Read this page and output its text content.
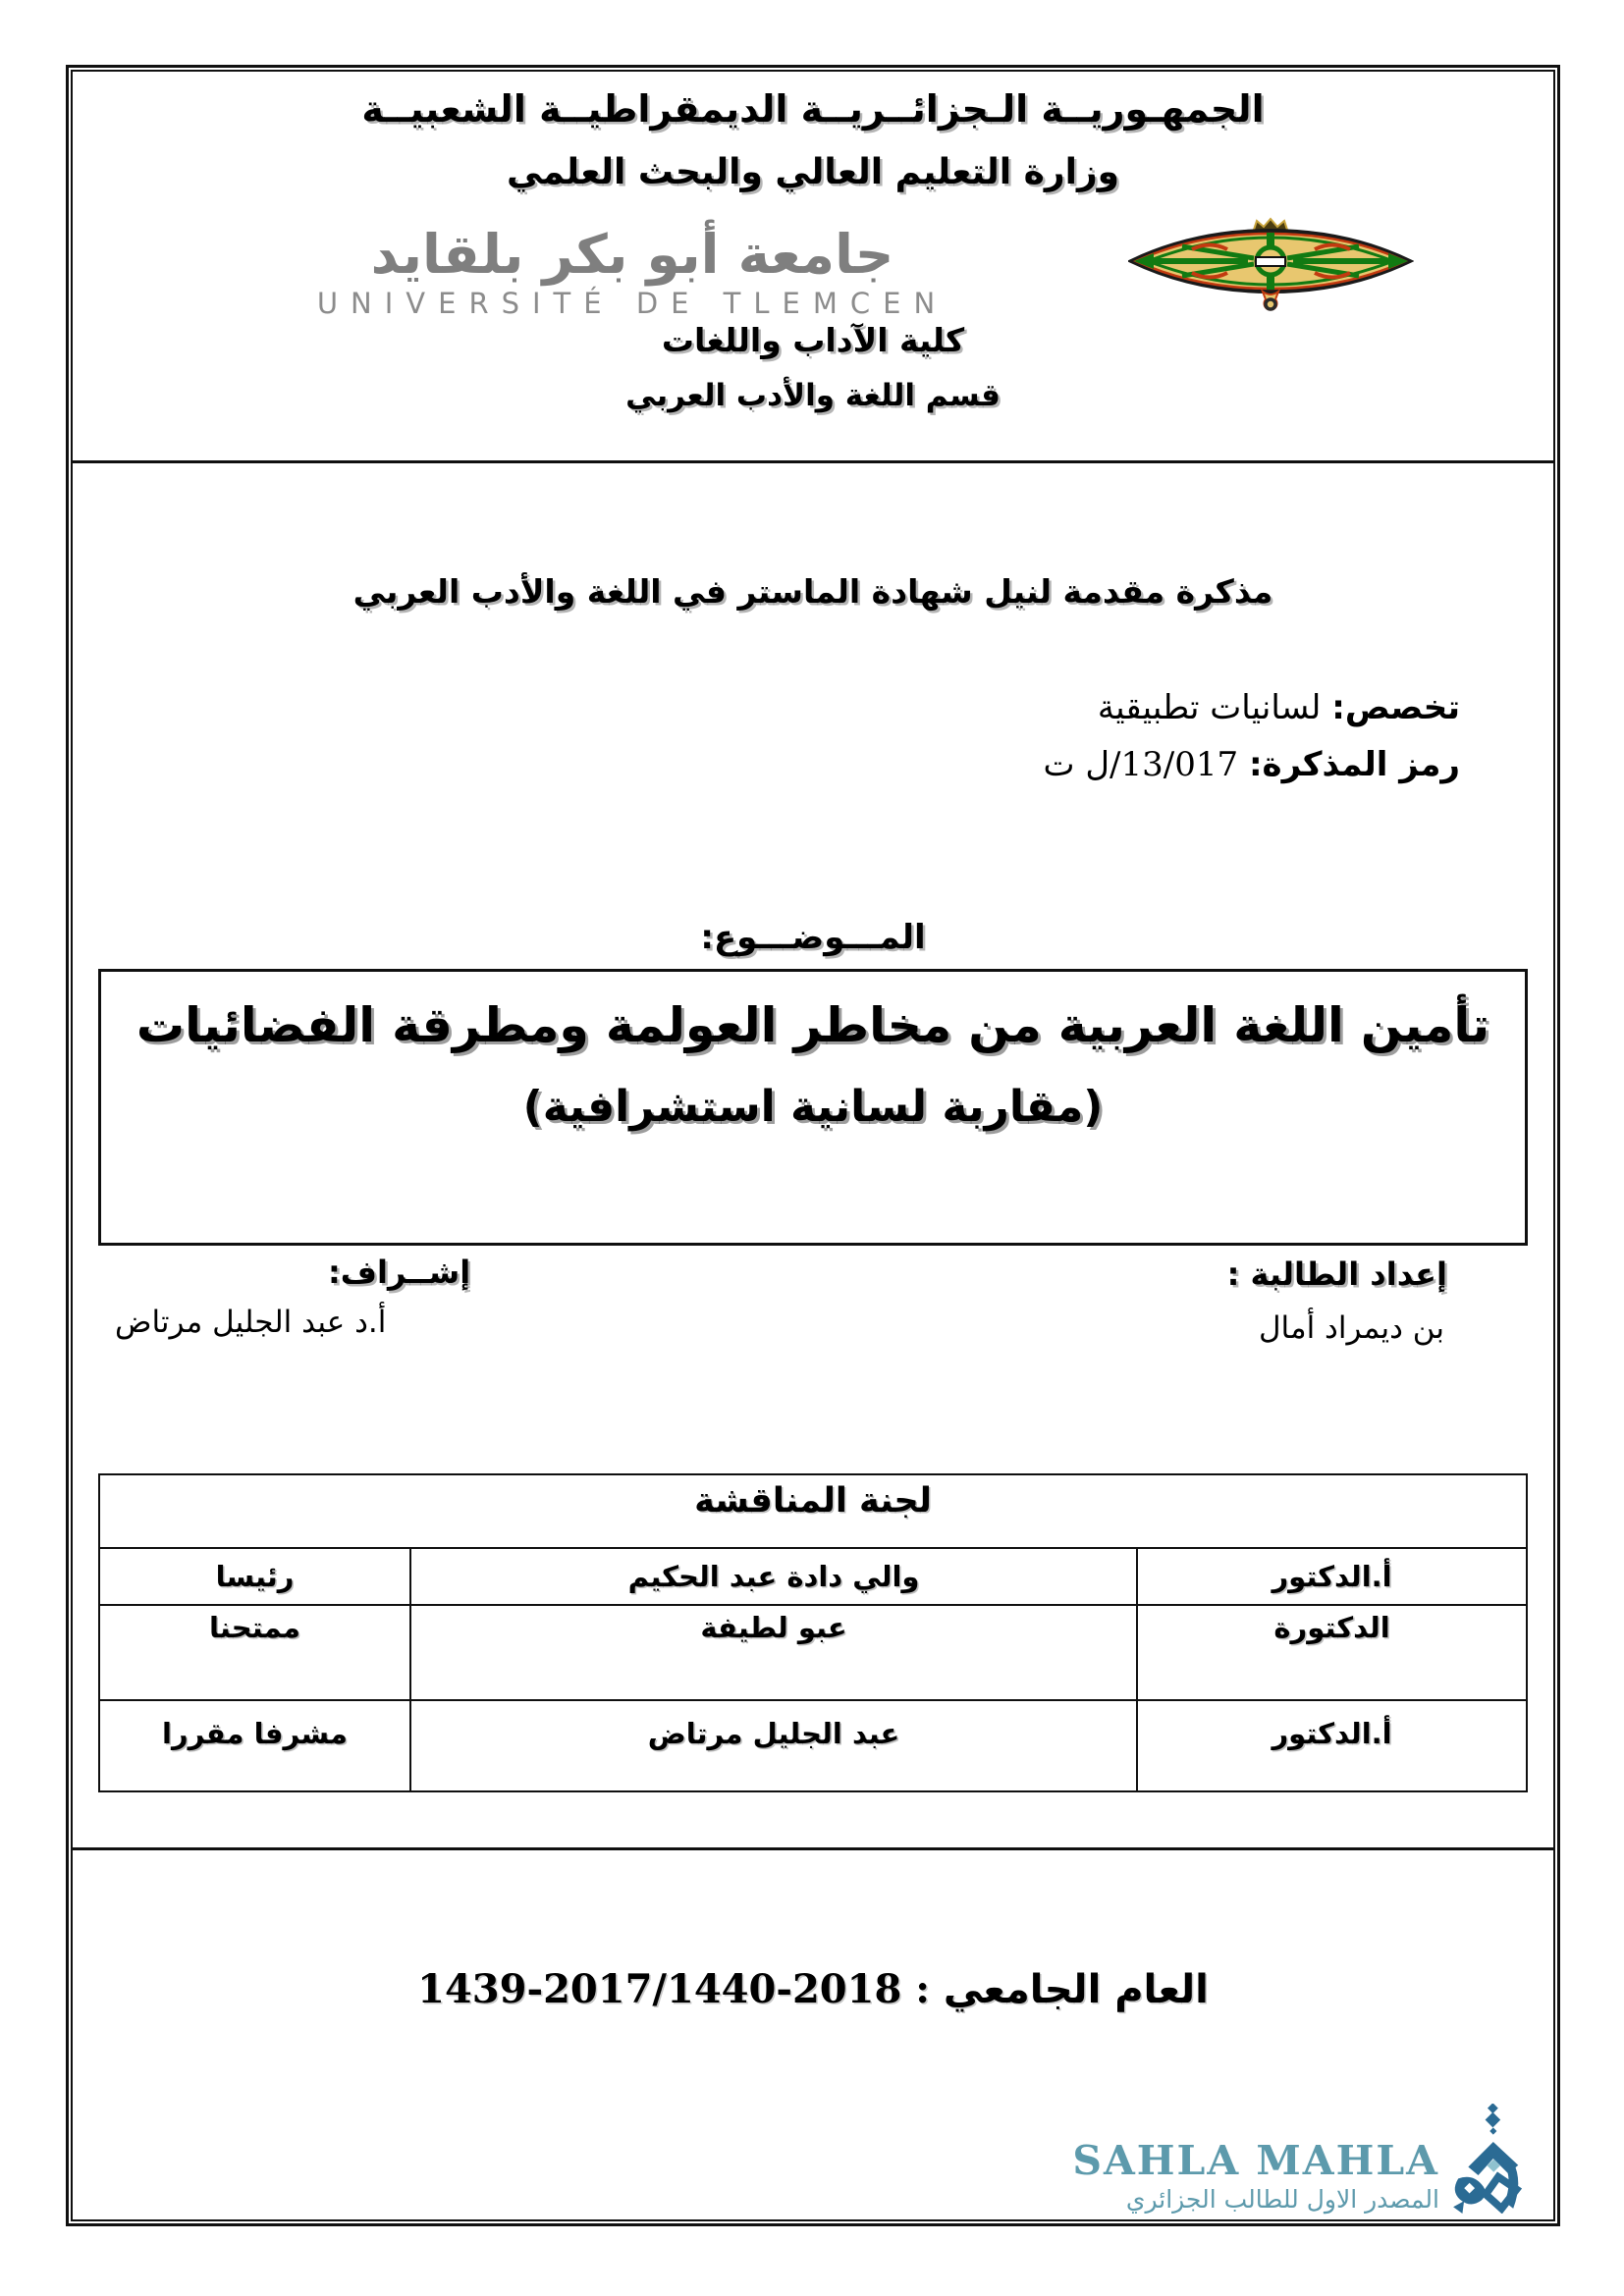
الجمهـوريــة الـجزائــريــة الديمقراطيــة الشعبيــة
وزارة التعليم العالي والبحث العلمي
جامعة أبو بكر بلقايد
UNIVERSITÉ DE TLEMCEN
كلية الآداب واللغات
قسم اللغة والأدب العربي
مذكرة مقدمة لنيل شهادة الماستر في اللغة والأدب العربي
تخصص: لسانيات تطبيقية
رمز المذكرة: 13/017/ل ت
المـــوضـــوع:
تأمين اللغة العربية من مخاطر العولمة ومطرقة الفضائيات
(مقاربة لسانية استشرافية)
إعداد الطالبة :
بن ديمراد أمال
إشــراف:
أ.د عبد الجليل مرتاض
لجنة المناقشة		
أ.الدكتور	والي دادة عبد الحكيم	رئيسا
الدكتورة	عبو لطيفة	ممتحنا
أ.الدكتور	عبد الجليل مرتاض	مشرفا مقررا
العام الجامعي : 2018-2017/1440-1439
SAHLA MAHLA
المصدر الاول للطالب الجزائري
